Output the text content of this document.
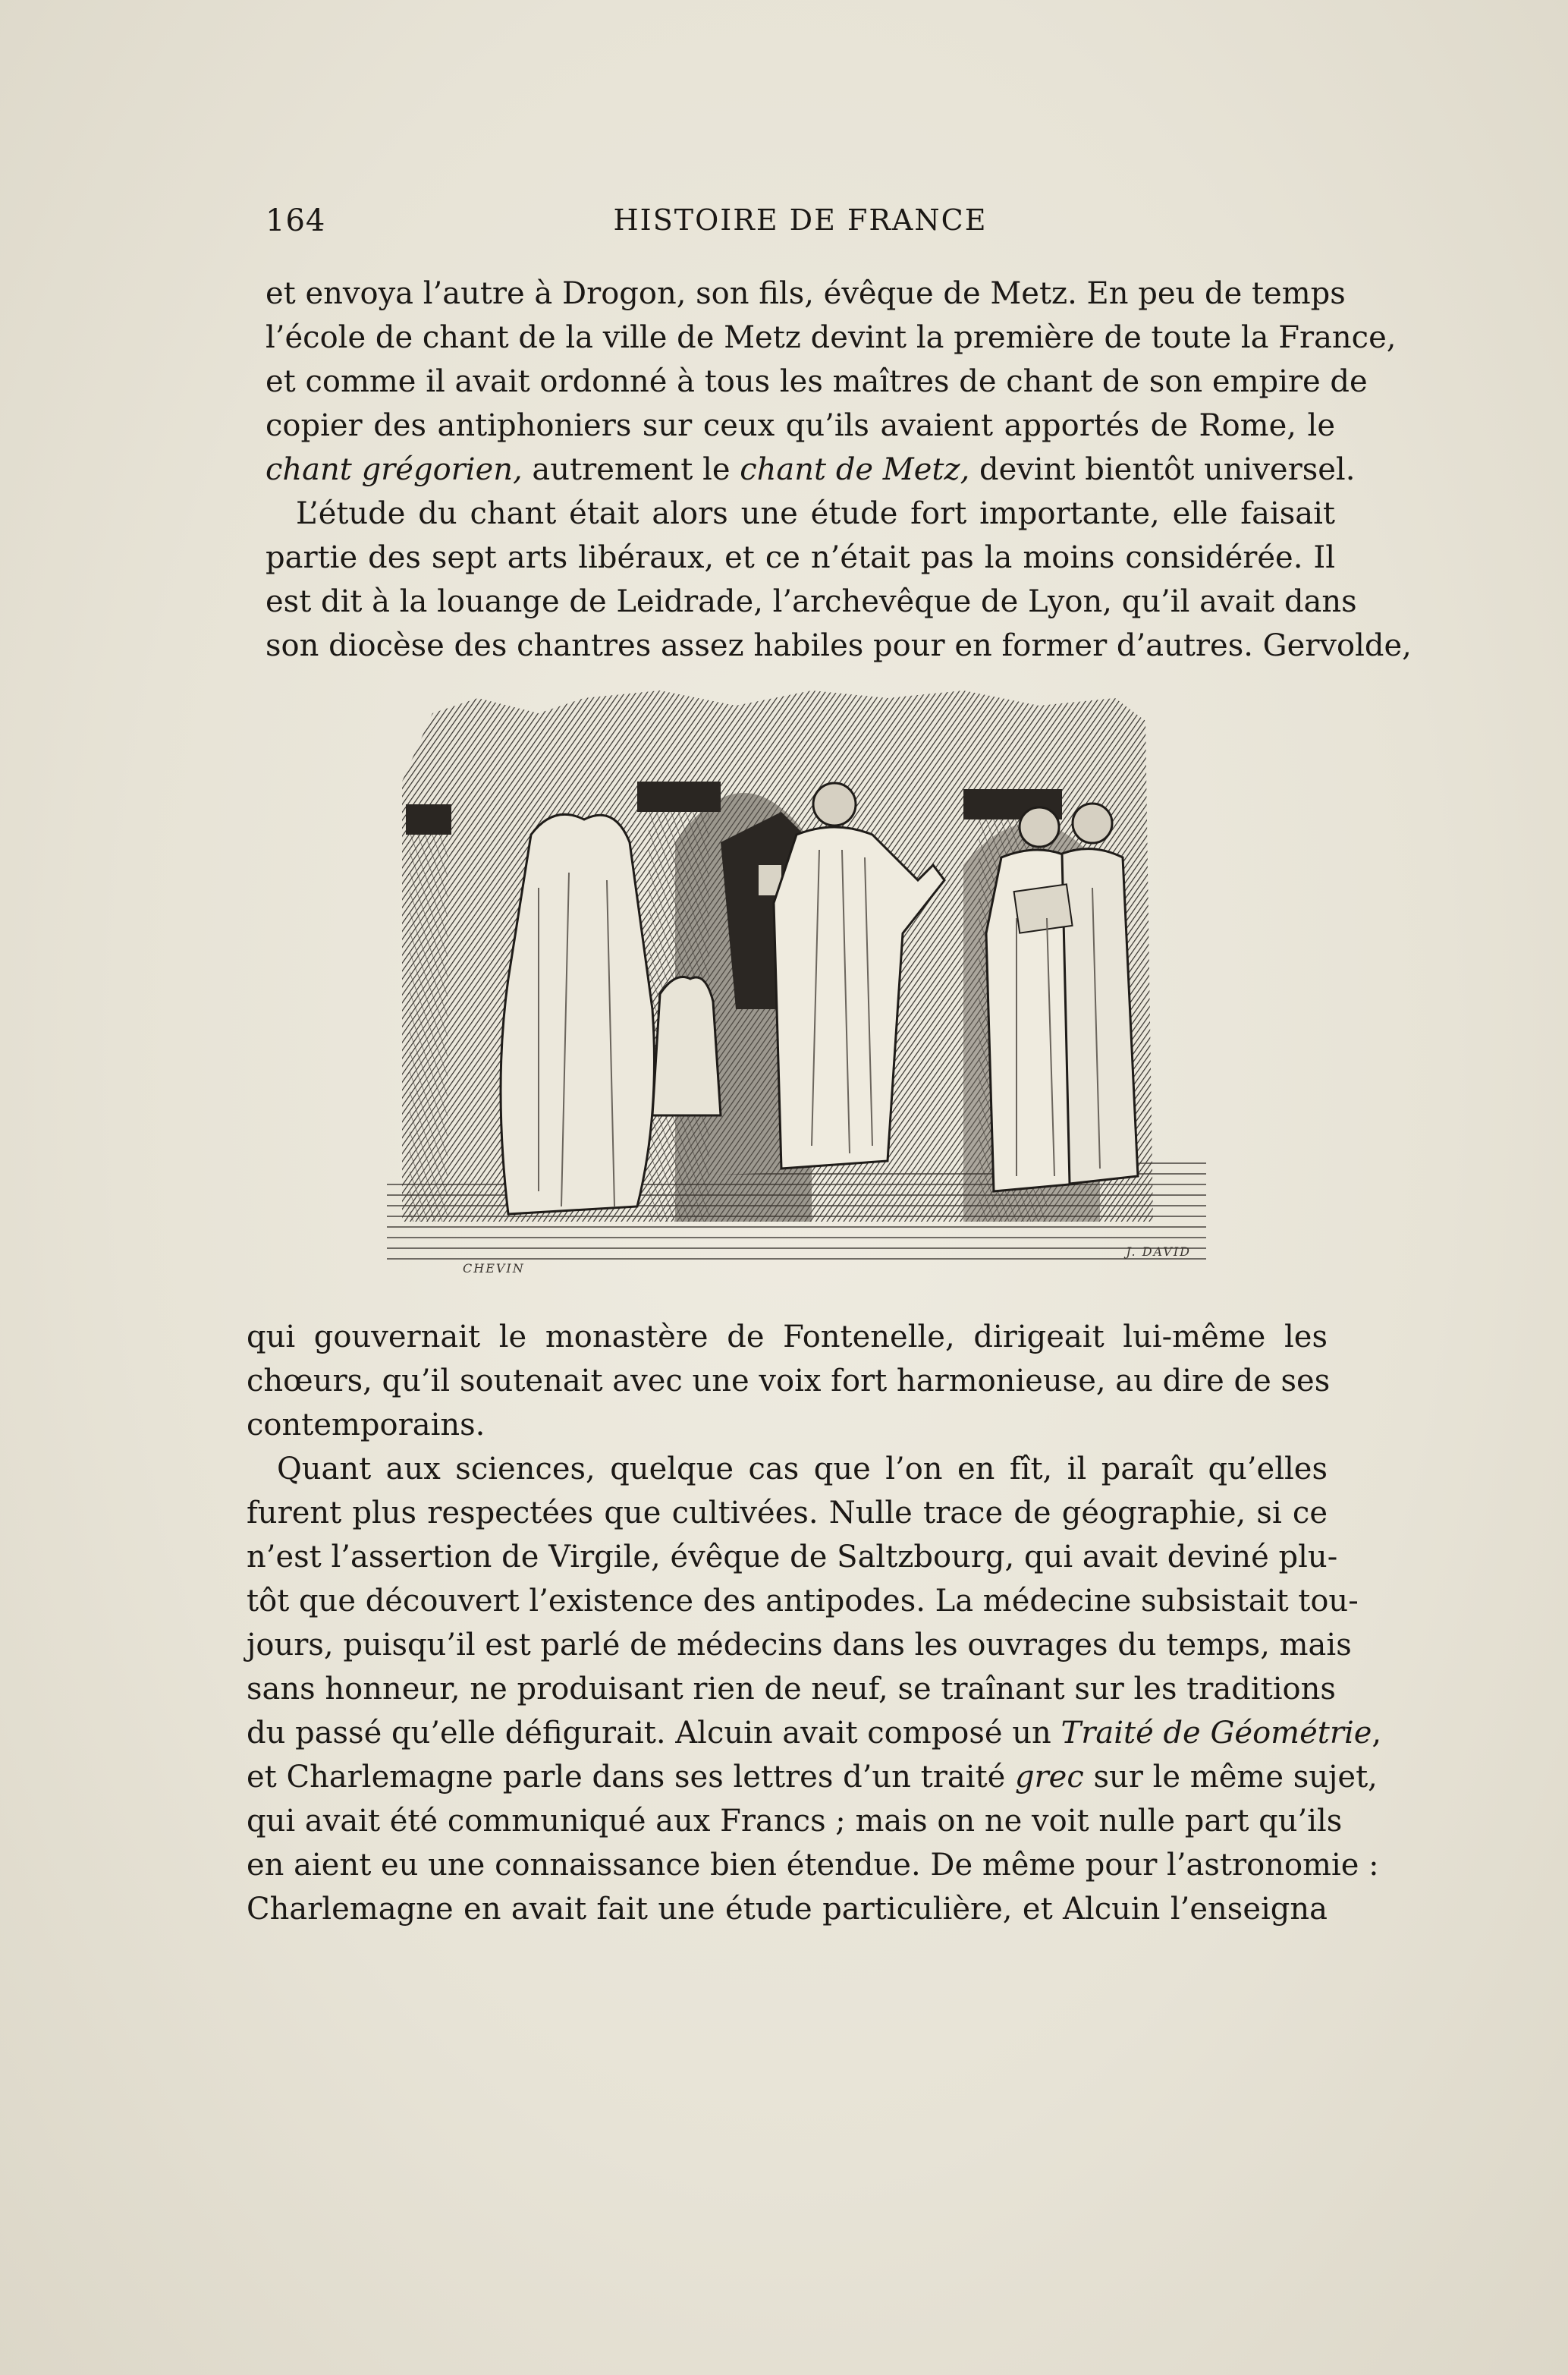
164	HISTOIRE DE FRANCE
et envoya l’autre à Drogon, son fils, évêque de Metz. En peu de temps
l’école de chant de la ville de Metz devint la première de toute la France,
et comme il avait ordonné à tous les maîtres de chant de son empire de
copier des antiphoniers sur ceux qu’ils avaient apportés de Rome, le
chant grégorien, autrement le chant de Metz, devint bientôt universel.
L’étude du chant était alors une étude fort importante, elle faisait
partie des sept arts libéraux, et ce n’était pas la moins considérée. Il
est dit à la louange de Leidrade, l’archevêque de Lyon, qu’il avait dans
son diocèse des chantres assez habiles pour en former d’autres. Gervolde,
CHEVIN
J. DAVID
qui gouvernait le monastère de Fontenelle, dirigeait lui-même les
chœurs, qu’il soutenait avec une voix fort harmonieuse, au dire de ses
contemporains.
Quant aux sciences, quelque cas que l’on en fît, il paraît qu’elles
furent plus respectées que cultivées. Nulle trace de géographie, si ce
n’est l’assertion de Virgile, évêque de Saltzbourg, qui avait deviné plu-
tôt que découvert l’existence des antipodes. La médecine subsistait tou-
jours, puisqu’il est parlé de médecins dans les ouvrages du temps, mais
sans honneur, ne produisant rien de neuf, se traînant sur les traditions
du passé qu’elle défigurait. Alcuin avait composé un Traité de Géométrie,
et Charlemagne parle dans ses lettres d’un traité grec sur le même sujet,
qui avait été communiqué aux Francs ; mais on ne voit nulle part qu’ils
en aient eu une connaissance bien étendue. De même pour l’astronomie :
Charlemagne en avait fait une étude particulière, et Alcuin l’enseigna
